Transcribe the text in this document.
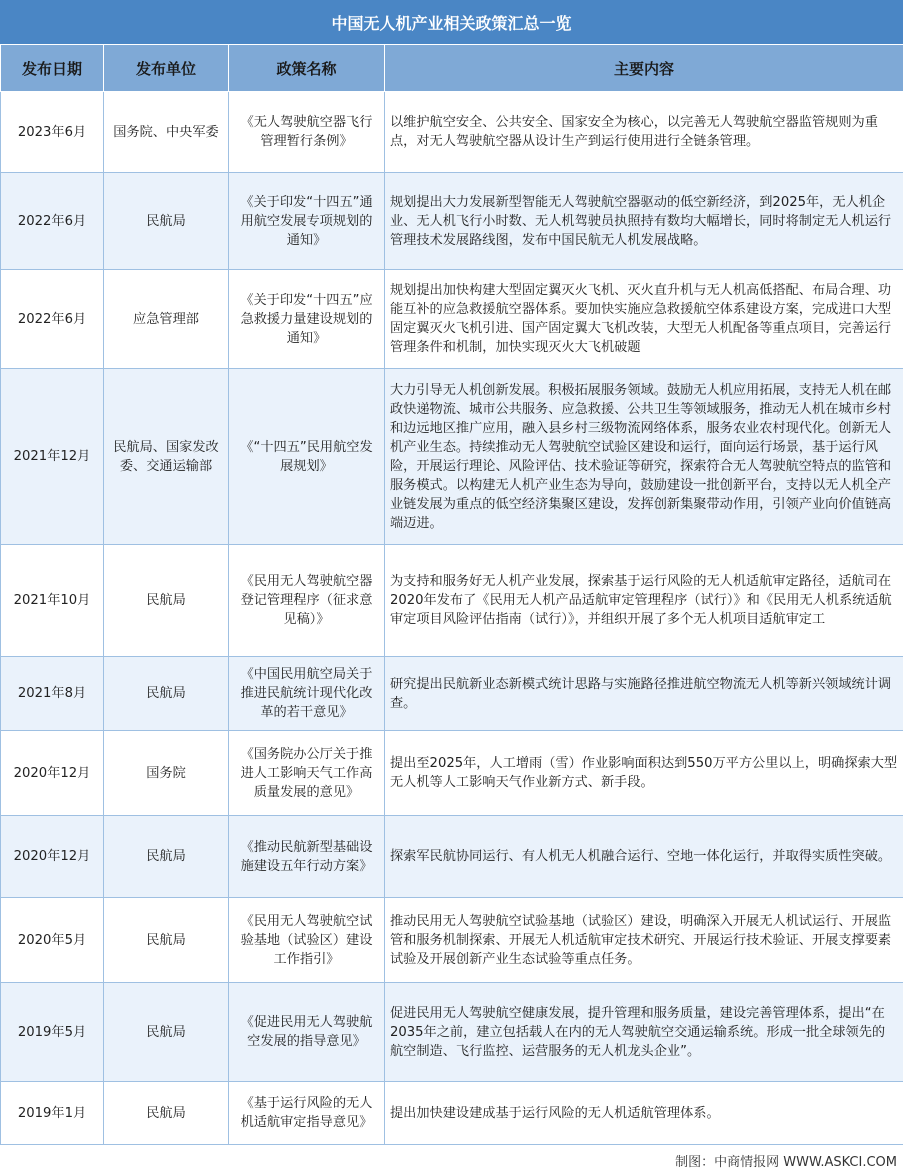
中国无人机产业相关政策汇总一览
发布日期	发布单位	政策名称	主要内容
2023年6月	国务院、中央军委	《无人驾驶航空器飞行管理暂行条例》	以维护航空安全、公共安全、国家安全为核心，以完善无人驾驶航空器监管规则为重点，对无人驾驶航空器从设计生产到运行使用进行全链条管理。
2022年6月	民航局	《关于印发“十四五”通用航空发展专项规划的通知》	规划提出大力发展新型智能无人驾驶航空器驱动的低空新经济，到2025年，无人机企业、无人机飞行小时数、无人机驾驶员执照持有数均大幅增长，同时将制定无人机运行管理技术发展路线图，发布中国民航无人机发展战略。
2022年6月	应急管理部	《关于印发“十四五”应急救援力量建设规划的通知》	规划提出加快构建大型固定翼灭火飞机、灭火直升机与无人机高低搭配、布局合理、功能互补的应急救援航空器体系。要加快实施应急救援航空体系建设方案，完成进口大型固定翼灭火飞机引进、国产固定翼大飞机改装，大型无人机配备等重点项目，完善运行管理条件和机制，加快实现灭火大飞机破题
2021年12月	民航局、国家发改委、交通运输部	《“十四五”民用航空发展规划》	大力引导无人机创新发展。积极拓展服务领域。鼓励无人机应用拓展，支持无人机在邮政快递物流、城市公共服务、应急救援、公共卫生等领域服务，推动无人机在城市乡村和边远地区推广应用，融入县乡村三级物流网络体系，服务农业农村现代化。创新无人机产业生态。持续推动无人驾驶航空试验区建设和运行，面向运行场景，基于运行风险，开展运行理论、风险评估、技术验证等研究，探索符合无人驾驶航空特点的监管和服务模式。以构建无人机产业生态为导向，鼓励建设一批创新平台，支持以无人机全产业链发展为重点的低空经济集聚区建设，发挥创新集聚带动作用，引领产业向价值链高端迈进。
2021年10月	民航局	《民用无人驾驶航空器登记管理程序（征求意见稿）》	为支持和服务好无人机产业发展，探索基于运行风险的无人机适航审定路径，适航司在2020年发布了《民用无人机产品适航审定管理程序（试行）》和《民用无人机系统适航审定项目风险评估指南（试行）》，并组织开展了多个无人机项目适航审定工
2021年8月	民航局	《中国民用航空局关于推进民航统计现代化改革的若干意见》	研究提出民航新业态新模式统计思路与实施路径推进航空物流无人机等新兴领域统计调查。
2020年12月	国务院	《国务院办公厅关于推进人工影响天气工作高质量发展的意见》	提出至2025年，人工增雨（雪）作业影响面积达到550万平方公里以上，明确探索大型无人机等人工影响天气作业新方式、新手段。
2020年12月	民航局	《推动民航新型基础设施建设五年行动方案》	探索军民航协同运行、有人机无人机融合运行、空地一体化运行，并取得实质性突破。
2020年5月	民航局	《民用无人驾驶航空试验基地（试验区）建设工作指引》	推动民用无人驾驶航空试验基地（试验区）建设，明确深入开展无人机试运行、开展监管和服务机制探索、开展无人机适航审定技术研究、开展运行技术验证、开展支撑要素试验及开展创新产业生态试验等重点任务。
2019年5月	民航局	《促进民用无人驾驶航空发展的指导意见》	促进民用无人驾驶航空健康发展，提升管理和服务质量，建设完善管理体系，提出“在2035年之前，建立包括载人在内的无人驾驶航空交通运输系统。形成一批全球领先的航空制造、飞行监控、运营服务的无人机龙头企业”。
2019年1月	民航局	《基于运行风险的无人机适航审定指导意见》	提出加快建设建成基于运行风险的无人机适航管理体系。
制图：中商情报网 WWW.ASKCI.COM
